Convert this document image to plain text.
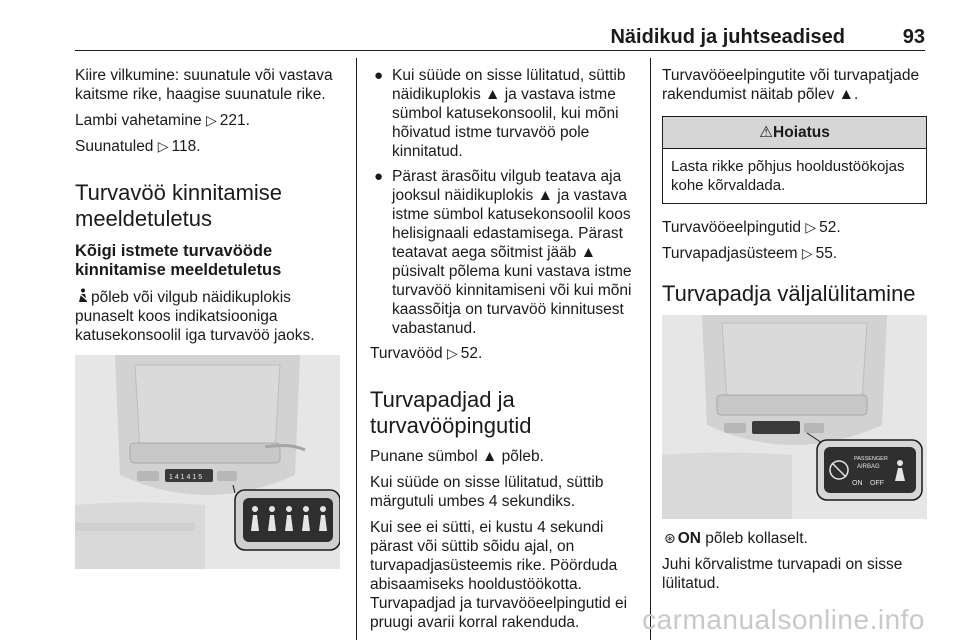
Näidikud ja juhtseadised	93

Kiire vilkumine: suunatule või vastava kaitsme rike, haagise suunatule rike.

Lambi vahetamine ▷ 221.

Suunatuled ▷ 118.

Turvavöö kinnitamise meeldetuletus
Kõigi istmete turvavööde kinnitamise meeldetuletus

põleb või vilgub näidikuplokis punaselt koos indikatsiooniga katusekonsoolil iga turvavöö jaoks.

1 4 1 4 1 5
● Kui süüde on sisse lülitatud, süttib näidikuplokis ▲ ja vastava istme sümbol katusekonsoolil, kui mõni hõivatud istme turvavöö pole kinnitatud.
● Pärast ärasõitu vilgub teatava aja jooksul näidikuplokis ▲ ja vastava istme sümbol katusekonsoolil koos helisignaali edastamisega. Pärast teatavat aega sõitmist jääb ▲ püsivalt põlema kuni vastava istme turvavöö kinnitamiseni või kui mõni kaassõitja on turvavöö kinnitusest vabastanud.

Turvavööd ▷ 52.

Turvapadjad ja turvavööpingutid

Punane sümbol ▲ põleb.

Kui süüde on sisse lülitatud, süttib märgutuli umbes 4 sekundiks.

Kui see ei sütti, ei kustu 4 sekundi pärast või süttib sõidu ajal, on turvapadjasüsteemis rike. Pöörduda abisaamiseks hooldustöökotta. Turvapadjad ja turvavööeelpingutid ei pruugi avarii korral rakenduda.

Turvavööeelpingutite või turvapatjade rakendumist näitab põlev ▲.

⚠Hoiatus
Lasta rikke põhjus hooldustöökojas kohe kõrvaldada.

Turvavööeelpingutid ▷ 52.

Turvapadjasüsteem ▷ 55.

Turvapadja väljalülitamine
PASSENGER
AIRBAG
ON OFF

⊛ ON põleb kollaselt.

Juhi kõrvalistme turvapadi on sisse lülitatud.

carmanualsonline.info
